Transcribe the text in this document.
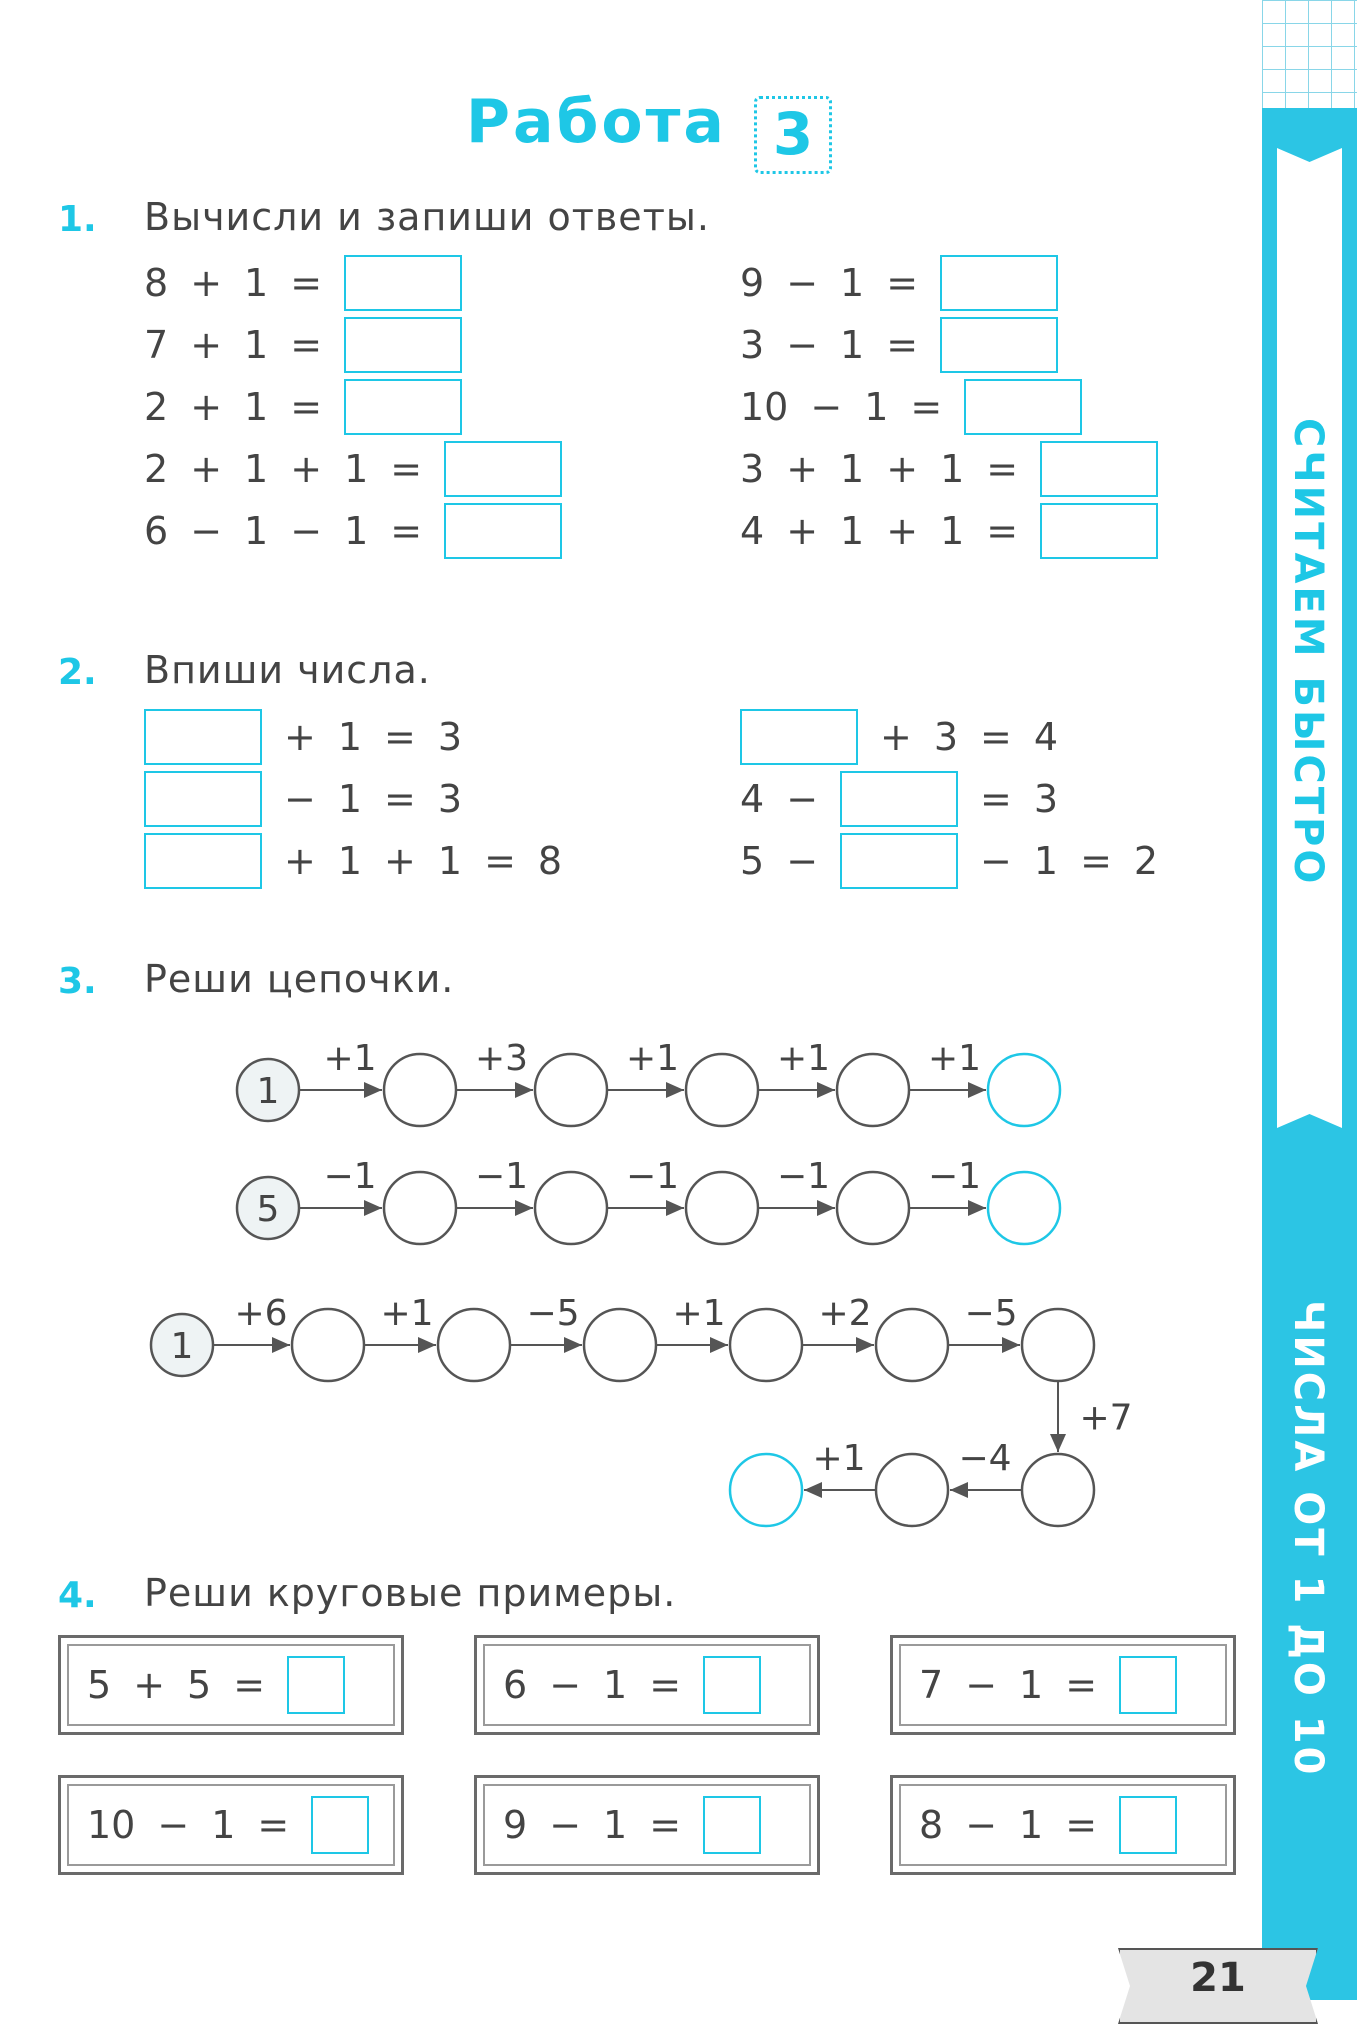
Работа 3
1. Вычисли и запиши ответы.
8 + 1 =
7 + 1 =
2 + 1 =
2 + 1 + 1 =
6 − 1 − 1 =
9 − 1 =
3 − 1 =
10 − 1 =
3 + 1 + 1 =
4 + 1 + 1 =
2. Впиши числа.
+ 1 = 3
− 1 = 3
+ 1 + 1 = 8
+ 3 = 4
4 −	= 3
5 −	− 1 = 2
3. Реши цепочки.
1
+1	+3	+1	+1	+1
5
−1	−1	−1	−1	−1
1
+6	+1	−5	+1	+2	−5
+7
−4
+1
4. Реши круговые примеры.
5 + 5 =	6 − 1 =	7 − 1 =
10 − 1 =	9 − 1 =	8 − 1 =
СЧИТАЕМ БЫСТРО
ЧИСЛА ОТ 1 ДО 10
21
